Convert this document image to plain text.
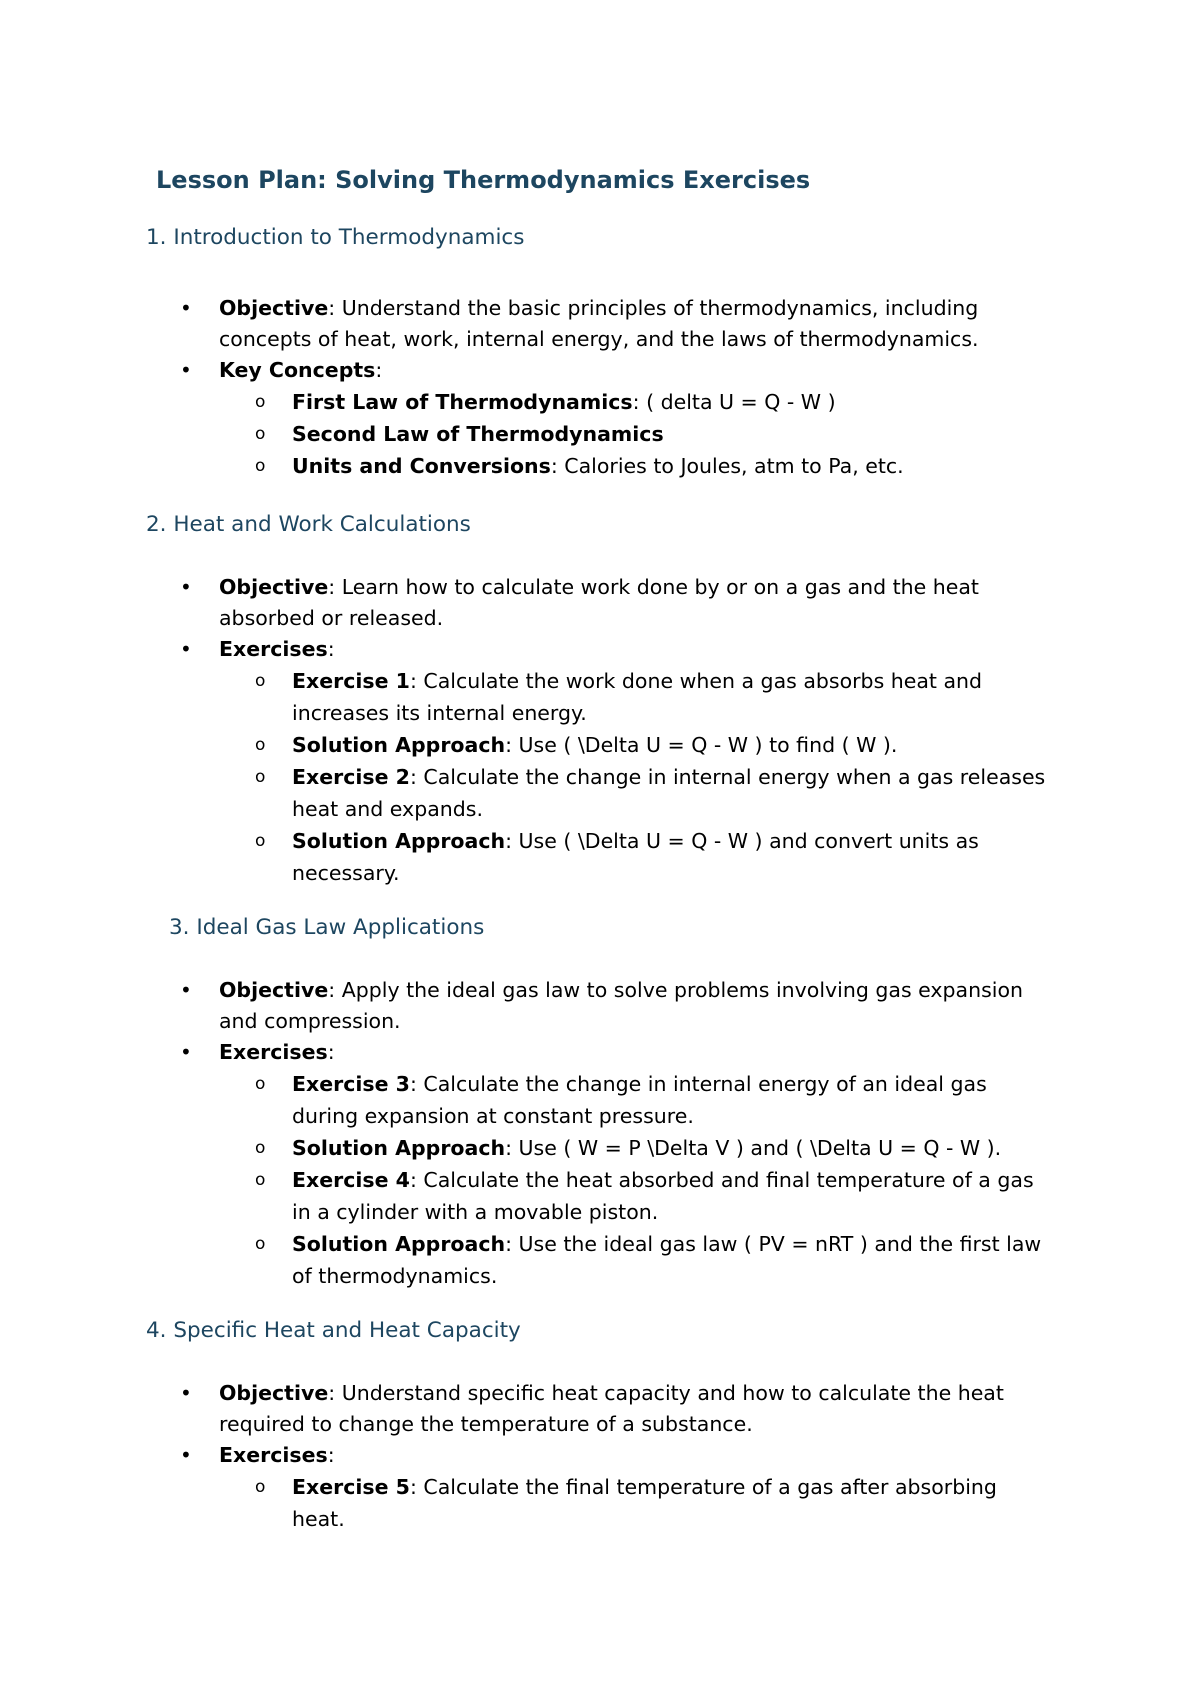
Lesson Plan: Solving Thermodynamics Exercises
1. Introduction to Thermodynamics
• Objective: Understand the basic principles of thermodynamics, including concepts of heat, work, internal energy, and the laws of thermodynamics.
• Key Concepts:
o First Law of Thermodynamics: ( delta U = Q - W )
o Second Law of Thermodynamics
o Units and Conversions: Calories to Joules, atm to Pa, etc.
2. Heat and Work Calculations
• Objective: Learn how to calculate work done by or on a gas and the heat absorbed or released.
• Exercises:
o Exercise 1: Calculate the work done when a gas absorbs heat and increases its internal energy.
o Solution Approach: Use ( \Delta U = Q - W ) to find ( W ).
o Exercise 2: Calculate the change in internal energy when a gas releases heat and expands.
o Solution Approach: Use ( \Delta U = Q - W ) and convert units as necessary.
3. Ideal Gas Law Applications
• Objective: Apply the ideal gas law to solve problems involving gas expansion and compression.
• Exercises:
o Exercise 3: Calculate the change in internal energy of an ideal gas during expansion at constant pressure.
o Solution Approach: Use ( W = P \Delta V ) and ( \Delta U = Q - W ).
o Exercise 4: Calculate the heat absorbed and final temperature of a gas in a cylinder with a movable piston.
o Solution Approach: Use the ideal gas law ( PV = nRT ) and the first law of thermodynamics.
4. Specific Heat and Heat Capacity
• Objective: Understand specific heat capacity and how to calculate the heat required to change the temperature of a substance.
• Exercises:
o Exercise 5: Calculate the final temperature of a gas after absorbing heat.
